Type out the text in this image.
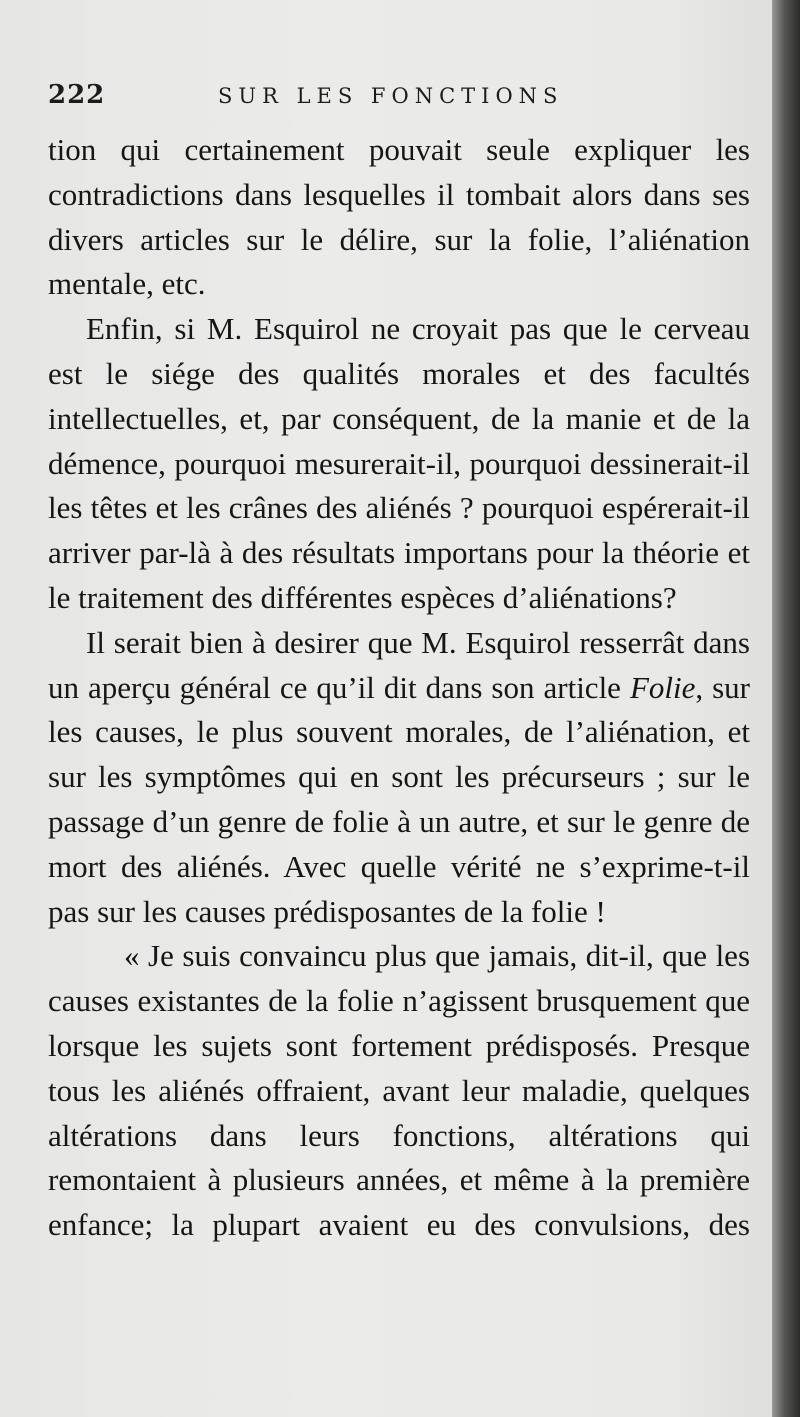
222	SUR LES FONCTIONS

tion qui certainement pouvait seule expliquer les contradictions dans lesquelles il tombait alors dans ses divers articles sur le délire, sur la folie, l’aliénation mentale, etc.

Enfin, si M. Esquirol ne croyait pas que le cerveau est le siége des qualités morales et des facultés intellectuelles, et, par conséquent, de la manie et de la démence, pourquoi mesurerait-il, pourquoi dessinerait-il les têtes et les crânes des aliénés ? pourquoi espérerait-il arriver par-là à des résultats importans pour la théorie et le traitement des différentes espèces d’aliénations?

Il serait bien à desirer que M. Esquirol resserrât dans un aperçu général ce qu’il dit dans son article Folie, sur les causes, le plus souvent morales, de l’aliénation, et sur les symptômes qui en sont les précurseurs ; sur le passage d’un genre de folie à un autre, et sur le genre de mort des aliénés. Avec quelle vérité ne s’exprime-t-il pas sur les causes prédisposantes de la folie !

« Je suis convaincu plus que jamais, dit-il, que les causes existantes de la folie n’agissent brusquement que lorsque les sujets sont fortement prédisposés. Presque tous les aliénés offraient, avant leur maladie, quelques altérations dans leurs fonctions, altérations qui remontaient à plusieurs années, et même à la première enfance; la plupart avaient eu des convulsions, des
